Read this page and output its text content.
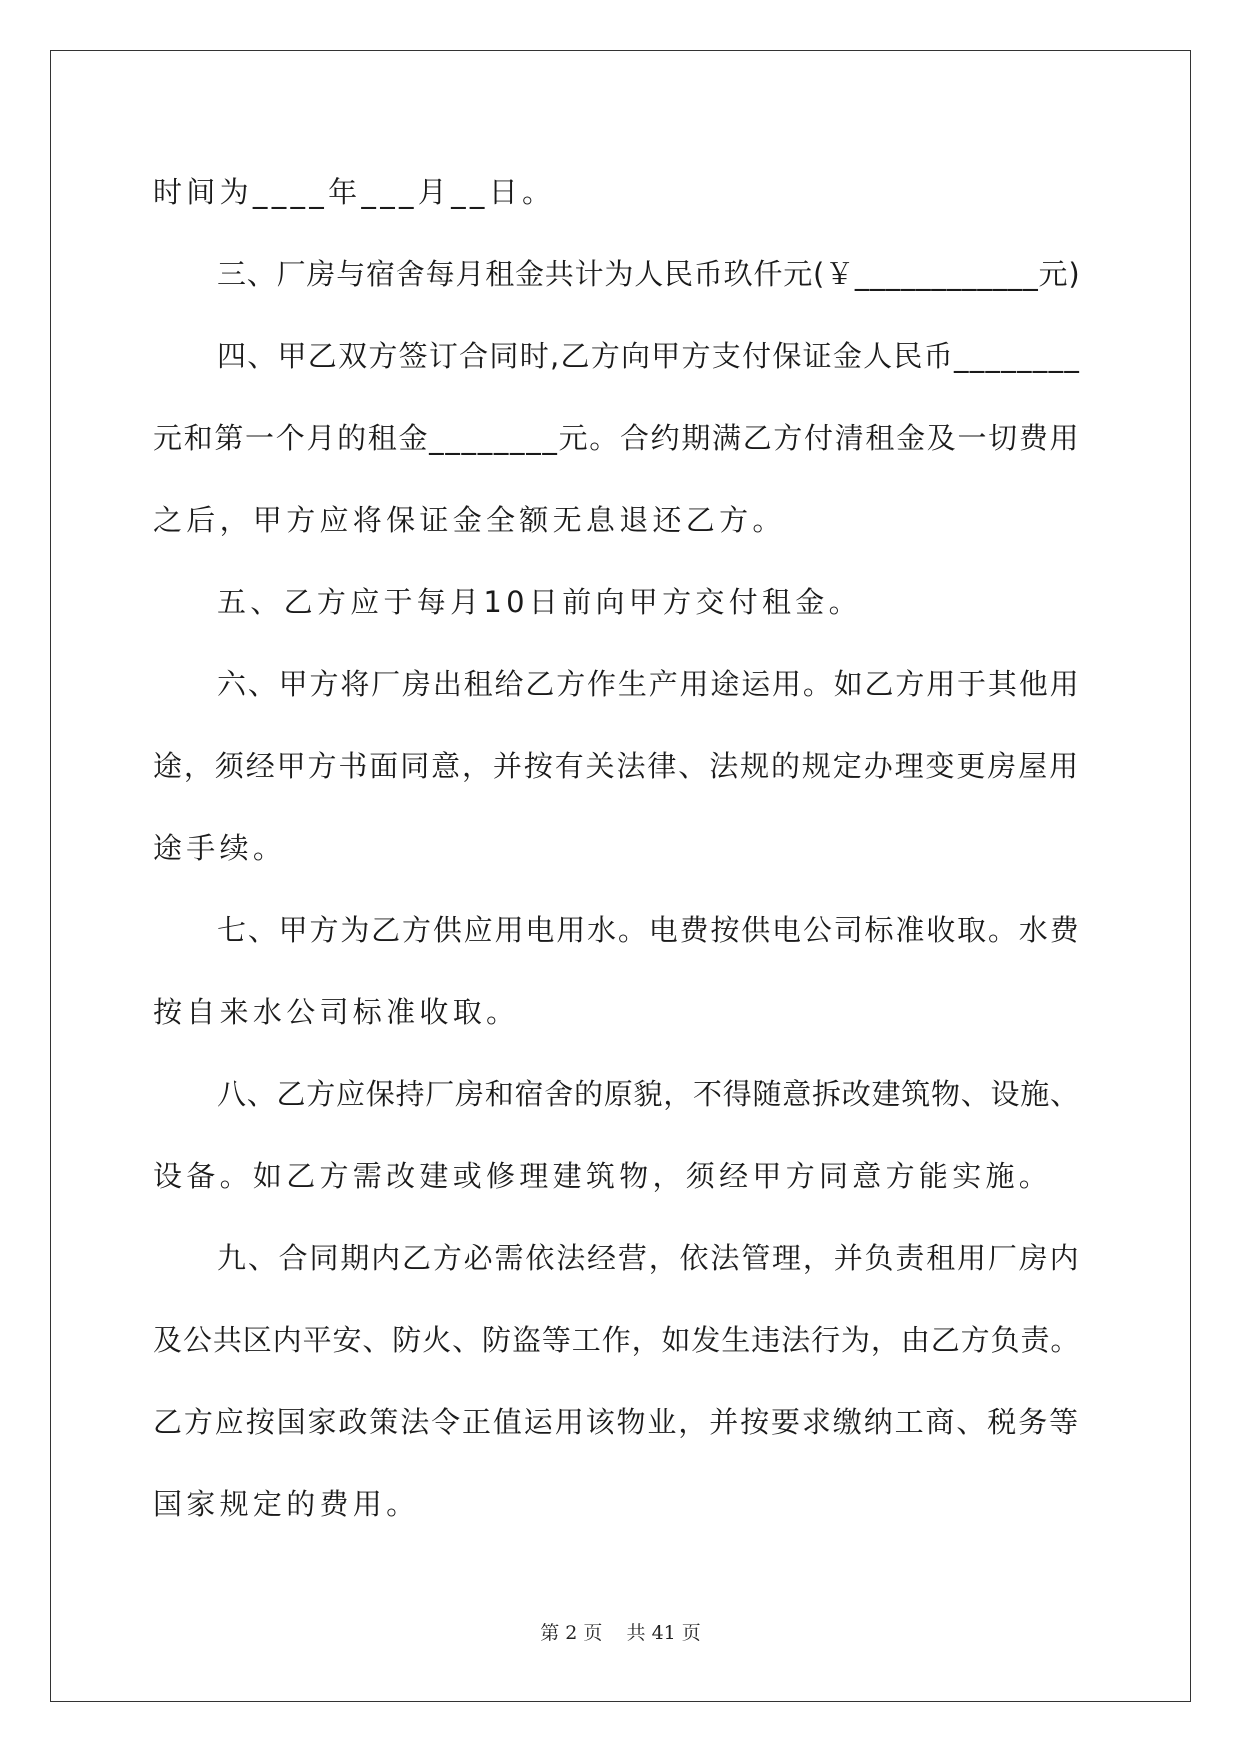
时间为____年___月__日。
三、厂房与宿舍每月租金共计为人民币玖仟元(￥____________元)
四、甲乙双方签订合同时,乙方向甲方支付保证金人民币________
元和第一个月的租金________元。合约期满乙方付清租金及一切费用
之后，甲方应将保证金全额无息退还乙方。
五、乙方应于每月10日前向甲方交付租金。
六、甲方将厂房出租给乙方作生产用途运用。如乙方用于其他用
途，须经甲方书面同意，并按有关法律、法规的规定办理变更房屋用
途手续。
七、甲方为乙方供应用电用水。电费按供电公司标准收取。水费
按自来水公司标准收取。
八、乙方应保持厂房和宿舍的原貌，不得随意拆改建筑物、设施、
设备。如乙方需改建或修理建筑物，须经甲方同意方能实施。
九、合同期内乙方必需依法经营，依法管理，并负责租用厂房内
及公共区内平安、防火、防盗等工作，如发生违法行为，由乙方负责。
乙方应按国家政策法令正值运用该物业，并按要求缴纳工商、税务等
国家规定的费用。
第 2 页    共 41 页
